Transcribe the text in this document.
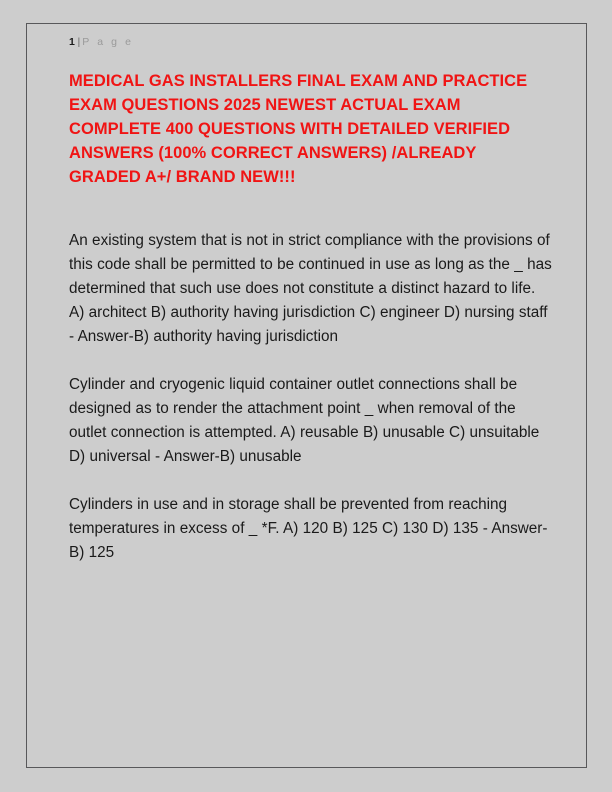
1 | P a g e
MEDICAL GAS INSTALLERS FINAL EXAM AND PRACTICE EXAM QUESTIONS 2025 NEWEST ACTUAL EXAM COMPLETE 400 QUESTIONS WITH DETAILED VERIFIED ANSWERS (100% CORRECT ANSWERS) /ALREADY GRADED A+/ BRAND NEW!!!

An existing system that is not in strict compliance with the provisions of this code shall be permitted to be continued in use as long as the _ has determined that such use does not constitute a distinct hazard to life. A) architect B) authority having jurisdiction C) engineer D) nursing staff - Answer-B) authority having jurisdiction

Cylinder and cryogenic liquid container outlet connections shall be designed as to render the attachment point _ when removal of the outlet connection is attempted. A) reusable B) unusable C) unsuitable D) universal - Answer-B) unusable

Cylinders in use and in storage shall be prevented from reaching temperatures in excess of _ *F. A) 120 B) 125 C) 130 D) 135 - Answer-B) 125
